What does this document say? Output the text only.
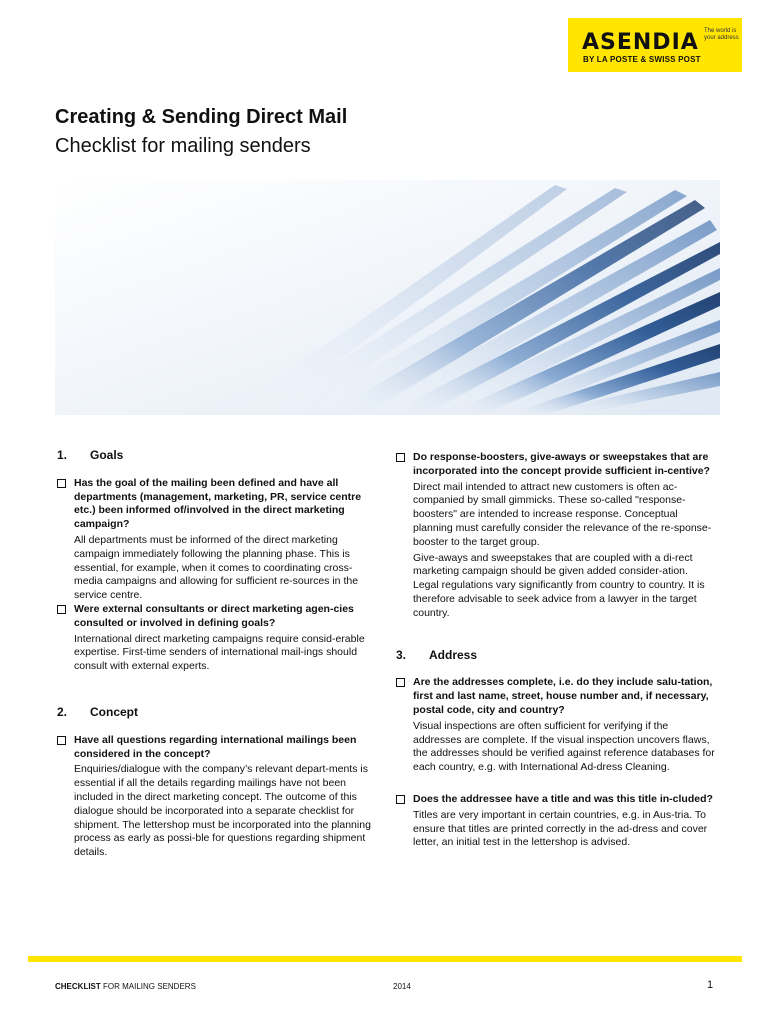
ASENDIA The world is your address
BY LA POSTE & SWISS POST
Creating & Sending Direct Mail
Checklist for mailing senders
1.	Goals
Has the goal of the mailing been defined and have all departments (management, marketing, PR, service centre etc.) been informed of/involved in the direct marketing campaign?
All departments must be informed of the direct marketing campaign immediately following the planning phase. This is essential, for example, when it comes to coordinating cross-media campaigns and allowing for sufficient re-sources in the service centre.
Were external consultants or direct marketing agen-cies consulted or involved in defining goals?
International direct marketing campaigns require consid-erable expertise. First-time senders of international mail-ings should consult with external experts.
2.	Concept
Have all questions regarding international mailings been considered in the concept?
Enquiries/dialogue with the company’s relevant depart-ments is essential if all the details regarding mailings have not been included in the direct marketing concept. The outcome of this dialogue should be incorporated into a separate checklist for shipment. The lettershop must be incorporated into the planning process as early as possi-ble for questions regarding shipment details.
Do response-boosters, give-aways or sweepstakes that are incorporated into the concept provide sufficient in-centive?
Direct mail intended to attract new customers is often ac-companied by small gimmicks. These so-called "response-boosters" are intended to increase response. Conceptual planning must carefully consider the relevance of the re-sponse-booster to the target group.
Give-aways and sweepstakes that are coupled with a di-rect marketing campaign should be given added consider-ation. Legal regulations vary significantly from country to country. It is therefore advisable to seek advice from a lawyer in the target country.
3.	Address
Are the addresses complete, i.e. do they include salu-tation, first and last name, street, house number and, if necessary, postal code, city and country?
Visual inspections are often sufficient for verifying if the addresses are complete. If the visual inspection uncovers flaws, the addresses should be verified against reference databases for each country, e.g. with International Ad-dress Cleaning.
Does the addressee have a title and was this title in-cluded?
Titles are very important in certain countries, e.g. in Aus-tria. To ensure that titles are printed correctly in the ad-dress and cover letter, an initial test in the lettershop is advised.
CHECKLIST FOR MAILING SENDERS	2014	1
